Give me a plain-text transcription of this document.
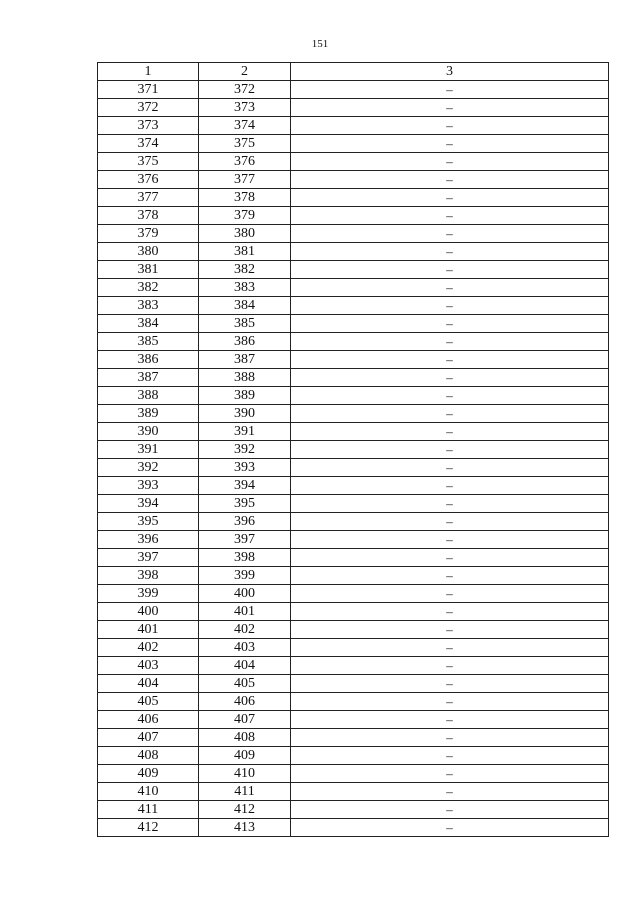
151
1	2	3
371	372	–
372	373	–
373	374	–
374	375	–
375	376	–
376	377	–
377	378	–
378	379	–
379	380	–
380	381	–
381	382	–
382	383	–
383	384	–
384	385	–
385	386	–
386	387	–
387	388	–
388	389	–
389	390	–
390	391	–
391	392	–
392	393	–
393	394	–
394	395	–
395	396	–
396	397	–
397	398	–
398	399	–
399	400	–
400	401	–
401	402	–
402	403	–
403	404	–
404	405	–
405	406	–
406	407	–
407	408	–
408	409	–
409	410	–
410	411	–
411	412	–
412	413	–
